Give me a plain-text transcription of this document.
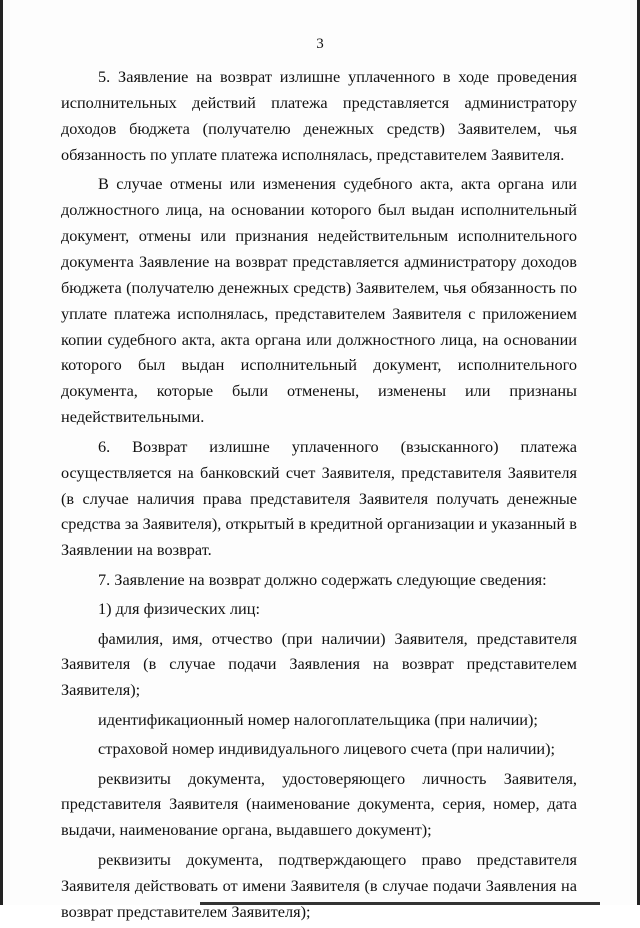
3

5. Заявление на возврат излишне уплаченного в ходе проведения исполнительных действий платежа представляется администратору доходов бюджета (получателю денежных средств) Заявителем, чья обязанность по уплате платежа исполнялась, представителем Заявителя.

В случае отмены или изменения судебного акта, акта органа или должностного лица, на основании которого был выдан исполнительный документ, отмены или признания недействительным исполнительного документа Заявление на возврат представляется администратору доходов бюджета (получателю денежных средств) Заявителем, чья обязанность по уплате платежа исполнялась, представителем Заявителя с приложением копии судебного акта, акта органа или должностного лица, на основании которого был выдан исполнительный документ, исполнительного документа, которые были отменены, изменены или признаны недействительными.

6. Возврат излишне уплаченного (взысканного) платежа осуществляется на банковский счет Заявителя, представителя Заявителя (в случае наличия права представителя Заявителя получать денежные средства за Заявителя), открытый в кредитной организации и указанный в Заявлении на возврат.

7. Заявление на возврат должно содержать следующие сведения:

1) для физических лиц:

фамилия, имя, отчество (при наличии) Заявителя, представителя Заявителя (в случае подачи Заявления на возврат представителем Заявителя);

идентификационный номер налогоплательщика (при наличии);

страховой номер индивидуального лицевого счета (при наличии);

реквизиты документа, удостоверяющего личность Заявителя, представителя Заявителя (наименование документа, серия, номер, дата выдачи, наименование органа, выдавшего документ);

реквизиты документа, подтверждающего право представителя Заявителя действовать от имени Заявителя (в случае подачи Заявления на возврат представителем Заявителя);
